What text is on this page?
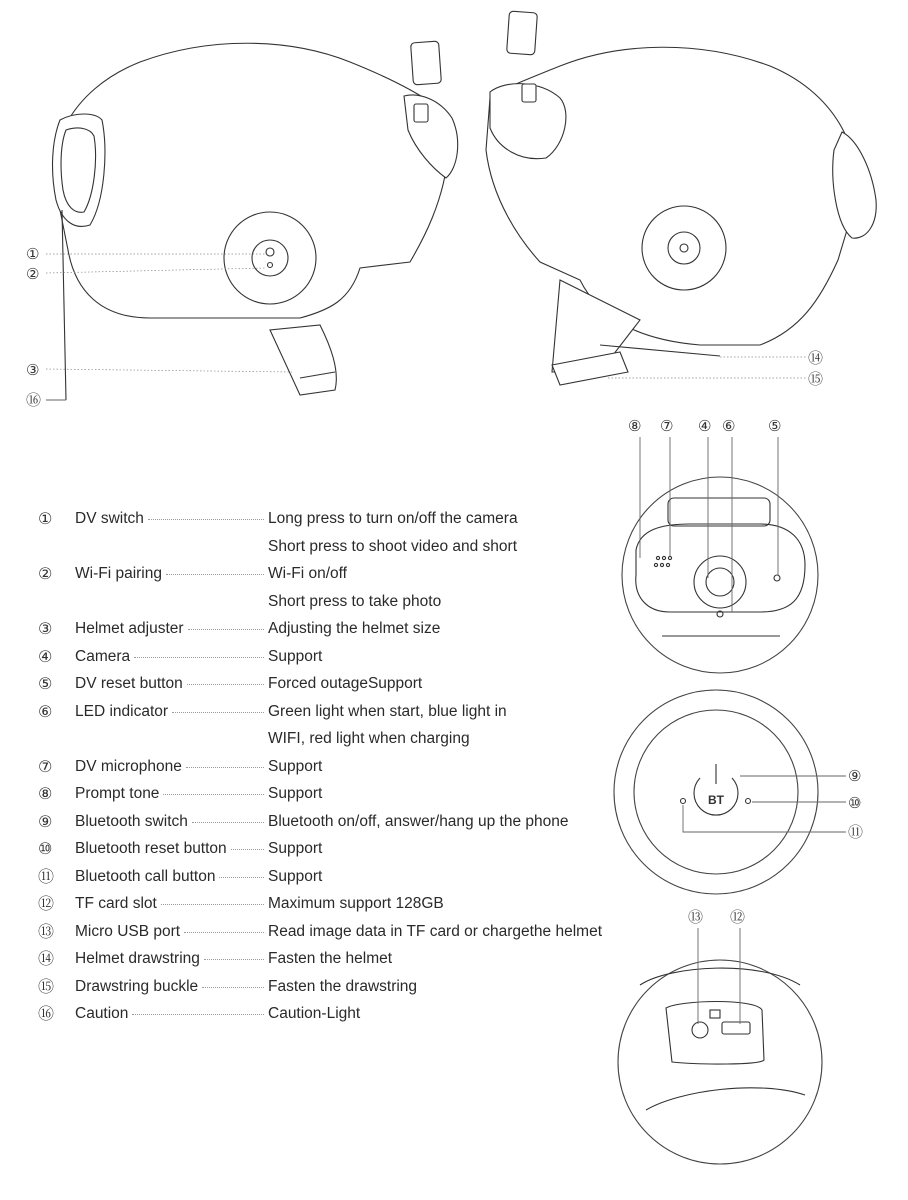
BT
①
②
③
⑯
⑭
⑮
⑧ ⑦ ④ ⑥ ⑤
⑨
⑩
⑪
⑬ ⑫
①	DV switch	Long press to turn on/off the camera
Short press to shoot video and short
②	Wi-Fi pairing	Wi-Fi on/off
Short press to take photo
③	Helmet adjuster	Adjusting the helmet size
④	Camera	Support
⑤	DV reset button	Forced outageSupport
⑥	LED indicator	Green light when start, blue light in
WIFI, red light when charging
⑦	DV microphone	Support
⑧	Prompt tone	Support
⑨	Bluetooth switch	Bluetooth on/off, answer/hang up the phone
⑩	Bluetooth reset button	Support
⑪	Bluetooth call button	Support
⑫	TF card slot	Maximum support 128GB
⑬	Micro USB port	Read image data in TF card or chargethe helmet
⑭	Helmet drawstring	Fasten the helmet
⑮	Drawstring buckle	Fasten the drawstring
⑯	Caution	Caution-Light
